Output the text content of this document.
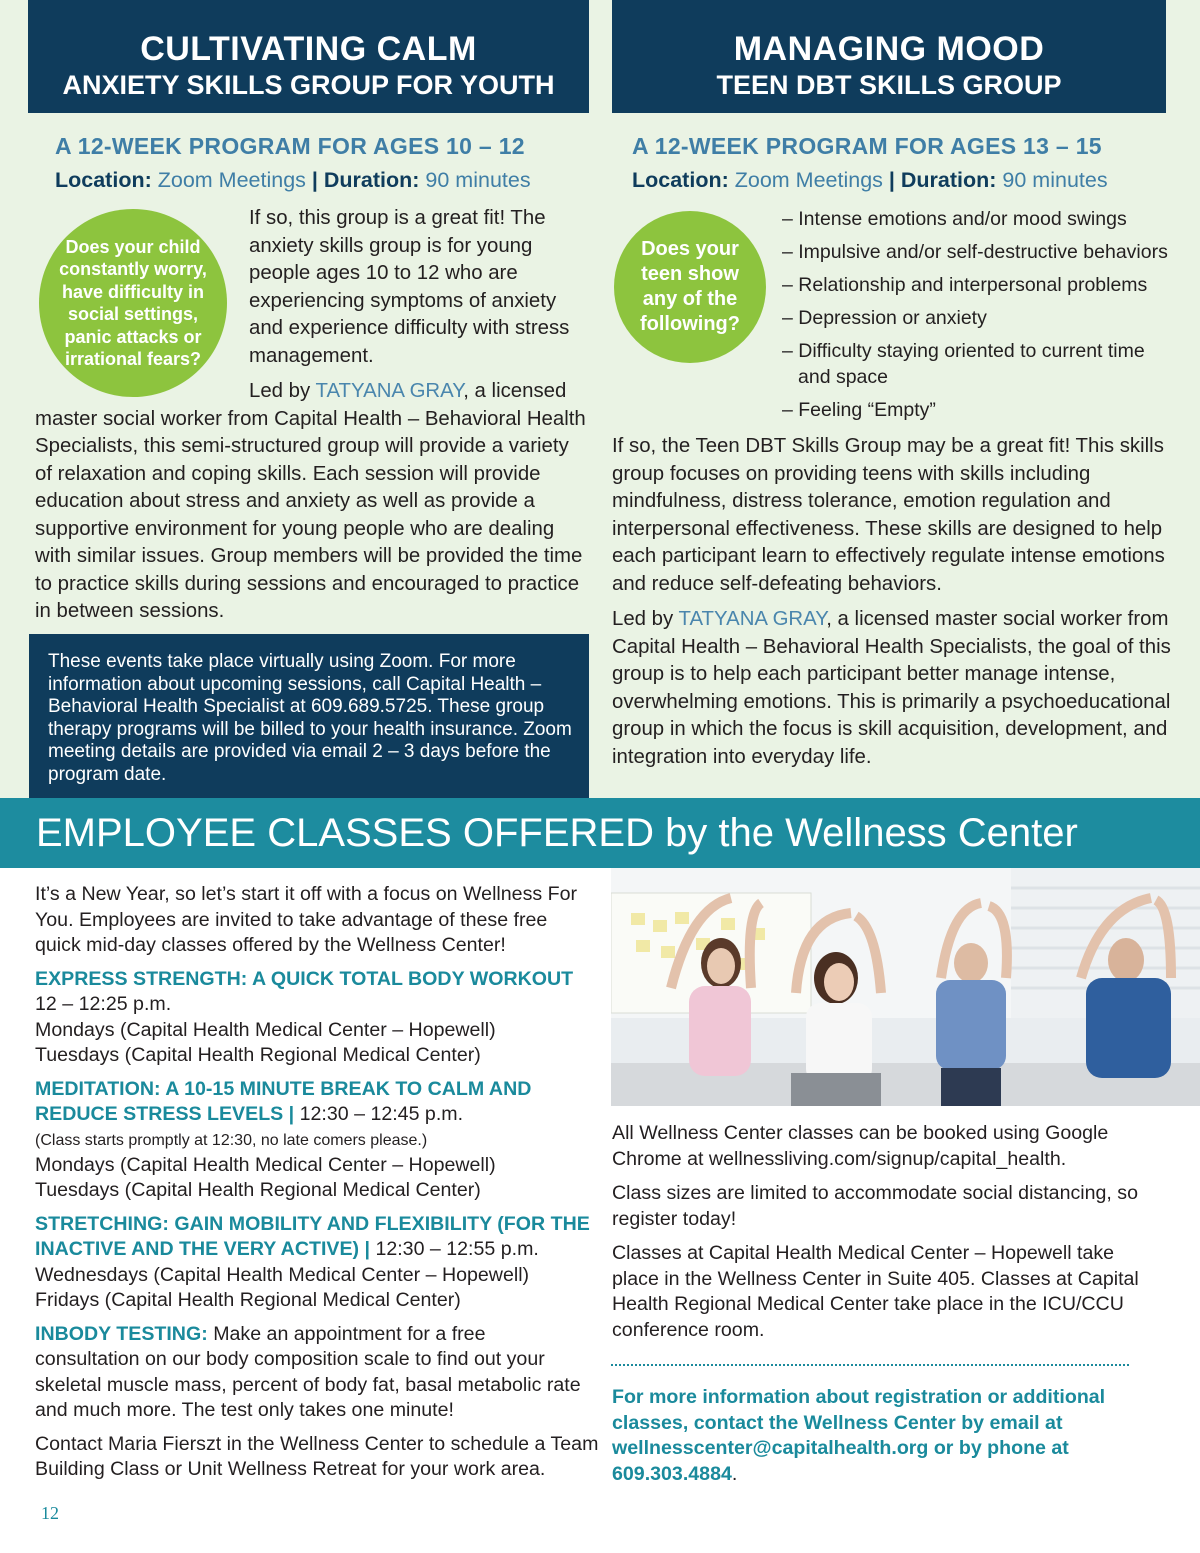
CULTIVATING CALM
ANXIETY SKILLS GROUP FOR YOUTH
MANAGING MOOD
TEEN DBT SKILLS GROUP
A 12-WEEK PROGRAM FOR AGES 10 – 12
Location: Zoom Meetings | Duration: 90 minutes
Does your child constantly worry, have difficulty in social settings, panic attacks or irrational fears?
If so, this group is a great fit! The anxiety skills group is for young people ages 10 to 12 who are experiencing symptoms of anxiety and experience difficulty with stress management.
Led by TATYANA GRAY, a licensed master social worker from Capital Health – Behavioral Health Specialists, this semi-structured group will provide a variety of relaxation and coping skills. Each session will provide education about stress and anxiety as well as provide a supportive environment for young people who are dealing with similar issues. Group members will be provided the time to practice skills during sessions and encouraged to practice in between sessions.
These events take place virtually using Zoom. For more information about upcoming sessions, call Capital Health – Behavioral Health Specialist at 609.689.5725. These group therapy programs will be billed to your health insurance. Zoom meeting details are provided via email 2 – 3 days before the program date.
A 12-WEEK PROGRAM FOR AGES 13 – 15
Location: Zoom Meetings | Duration: 90 minutes
Does your teen show any of the following?
– Intense emotions and/or mood swings
– Impulsive and/or self-destructive behaviors
– Relationship and interpersonal problems
– Depression or anxiety
– Difficulty staying oriented to current time and space
– Feeling “Empty”
If so, the Teen DBT Skills Group may be a great fit! This skills group focuses on providing teens with skills including mindfulness, distress tolerance, emotion regulation and interpersonal effectiveness. These skills are designed to help each participant learn to effectively regulate intense emotions and reduce self-defeating behaviors.
Led by TATYANA GRAY, a licensed master social worker from Capital Health – Behavioral Health Specialists, the goal of this group is to help each participant better manage intense, overwhelming emotions. This is primarily a psychoeducational group in which the focus is skill acquisition, development, and integration into everyday life.
EMPLOYEE CLASSES OFFERED by the Wellness Center
It’s a New Year, so let’s start it off with a focus on Wellness For You. Employees are invited to take advantage of these free quick mid-day classes offered by the Wellness Center!
EXPRESS STRENGTH: A QUICK TOTAL BODY WORKOUT
12 – 12:25 p.m.
Mondays (Capital Health Medical Center – Hopewell)
Tuesdays (Capital Health Regional Medical Center)
MEDITATION: A 10-15 MINUTE BREAK TO CALM AND REDUCE STRESS LEVELS | 12:30 – 12:45 p.m.
(Class starts promptly at 12:30, no late comers please.)
Mondays (Capital Health Medical Center – Hopewell)
Tuesdays (Capital Health Regional Medical Center)
STRETCHING: GAIN MOBILITY AND FLEXIBILITY (FOR THE INACTIVE AND THE VERY ACTIVE) | 12:30 – 12:55 p.m.
Wednesdays (Capital Health Medical Center – Hopewell)
Fridays (Capital Health Regional Medical Center)
INBODY TESTING: Make an appointment for a free consultation on our body composition scale to find out your skeletal muscle mass, percent of body fat, basal metabolic rate and much more. The test only takes one minute!
Contact Maria Fierszt in the Wellness Center to schedule a Team Building Class or Unit Wellness Retreat for your work area.
All Wellness Center classes can be booked using Google Chrome at wellnessliving.com/signup/capital_health.
Class sizes are limited to accommodate social distancing, so register today!
Classes at Capital Health Medical Center – Hopewell take place in the Wellness Center in Suite 405. Classes at Capital Health Regional Medical Center take place in the ICU/CCU conference room.
For more information about registration or additional classes, contact the Wellness Center by email at wellnesscenter@capitalhealth.org or by phone at 609.303.4884.
12
